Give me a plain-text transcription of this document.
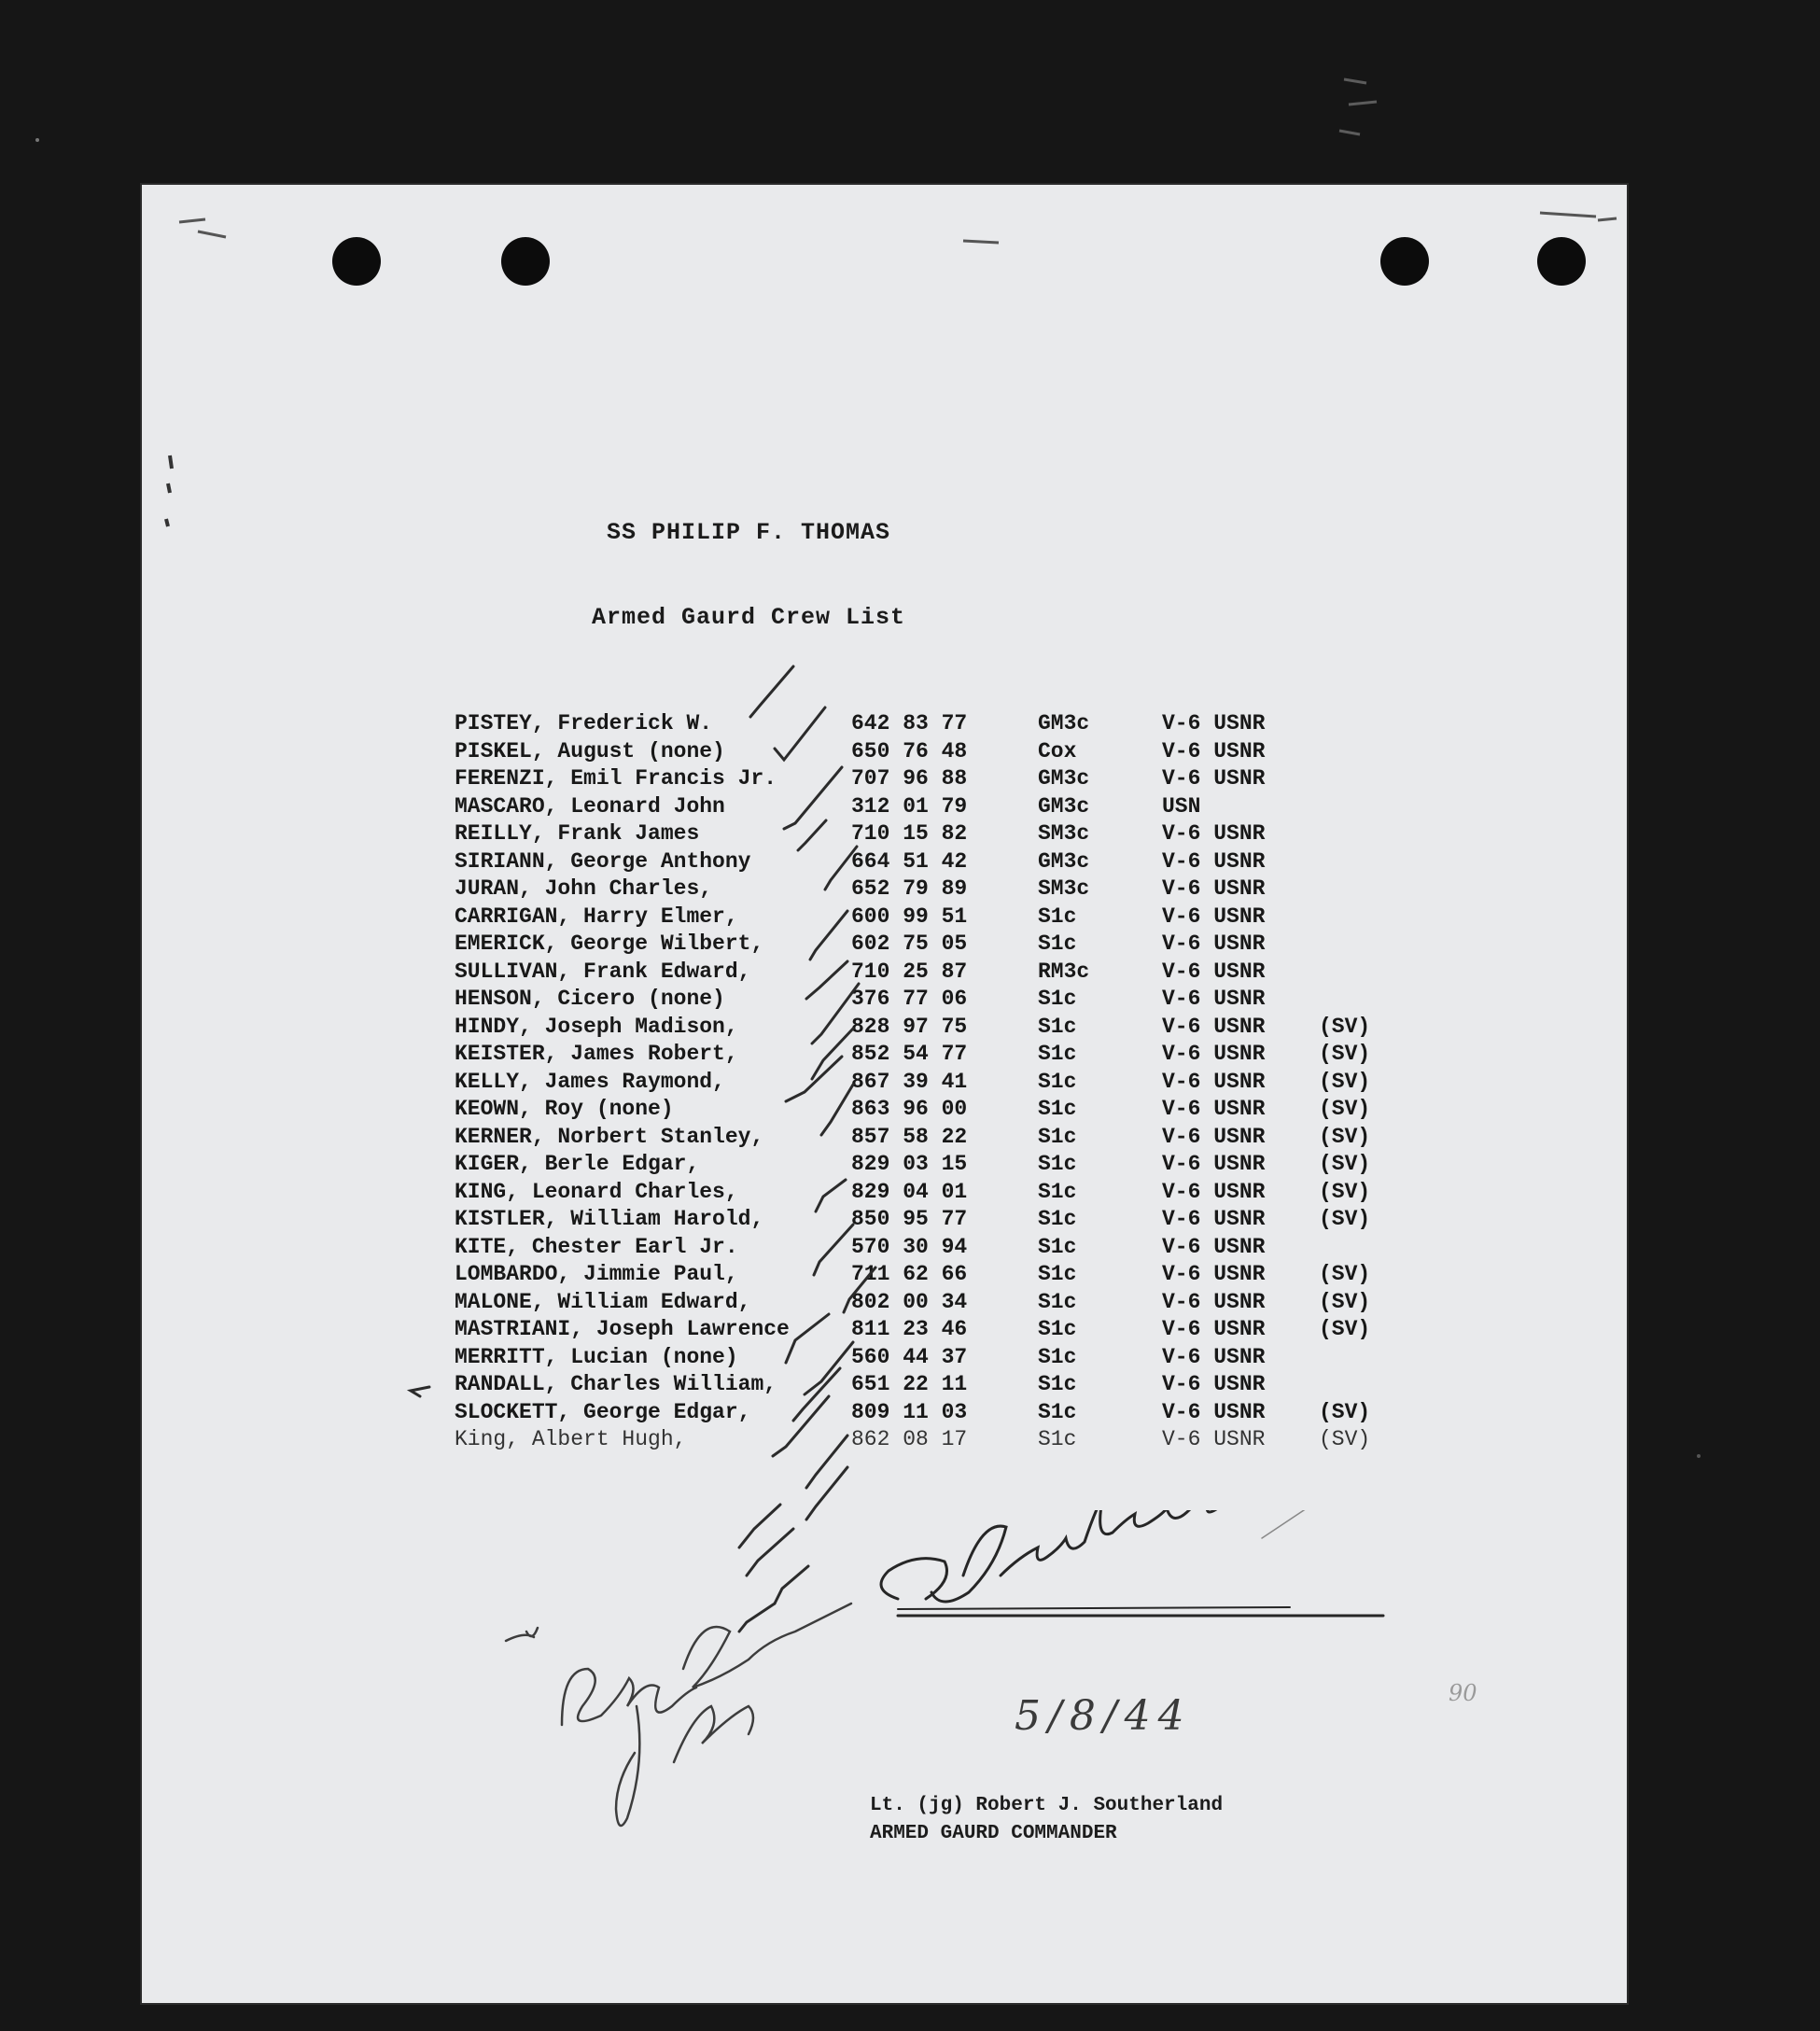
SS PHILIP F. THOMAS
Armed Gaurd Crew List
PISTEY, Frederick W.	642 83 77	GM3c	V-6 USNR
PISKEL, August (none)	650 76 48	Cox	V-6 USNR
FERENZI, Emil Francis Jr.	707 96 88	GM3c	V-6 USNR
MASCARO, Leonard John	312 01 79	GM3c	USN
REILLY, Frank James	710 15 82	SM3c	V-6 USNR
SIRIANN, George Anthony	664 51 42	GM3c	V-6 USNR
JURAN, John Charles,	652 79 89	SM3c	V-6 USNR
CARRIGAN, Harry Elmer,	600 99 51	S1c	V-6 USNR
EMERICK, George Wilbert,	602 75 05	S1c	V-6 USNR
SULLIVAN, Frank Edward,	710 25 87	RM3c	V-6 USNR
HENSON, Cicero (none)	376 77 06	S1c	V-6 USNR
HINDY, Joseph Madison,	828 97 75	S1c	V-6 USNR	(SV)
KEISTER, James Robert,	852 54 77	S1c	V-6 USNR	(SV)
KELLY, James Raymond,	867 39 41	S1c	V-6 USNR	(SV)
KEOWN, Roy (none)	863 96 00	S1c	V-6 USNR	(SV)
KERNER, Norbert Stanley,	857 58 22	S1c	V-6 USNR	(SV)
KIGER, Berle Edgar,	829 03 15	S1c	V-6 USNR	(SV)
KING, Leonard Charles,	829 04 01	S1c	V-6 USNR	(SV)
KISTLER, William Harold,	850 95 77	S1c	V-6 USNR	(SV)
KITE, Chester Earl Jr.	570 30 94	S1c	V-6 USNR
LOMBARDO, Jimmie Paul,	711 62 66	S1c	V-6 USNR	(SV)
MALONE, William Edward,	802 00 34	S1c	V-6 USNR	(SV)
MASTRIANI, Joseph Lawrence	811 23 46	S1c	V-6 USNR	(SV)
MERRITT, Lucian (none)	560 44 37	S1c	V-6 USNR
RANDALL, Charles William,	651 22 11	S1c	V-6 USNR
SLOCKETT, George Edgar,	809 11 03	S1c	V-6 USNR	(SV)
King, Albert Hugh,	862 08 17	S1c	V-6 USNR	(SV)
Lt. (jg) Robert J. Southerland
ARMED GAURD COMMANDER
5/8/44	90
